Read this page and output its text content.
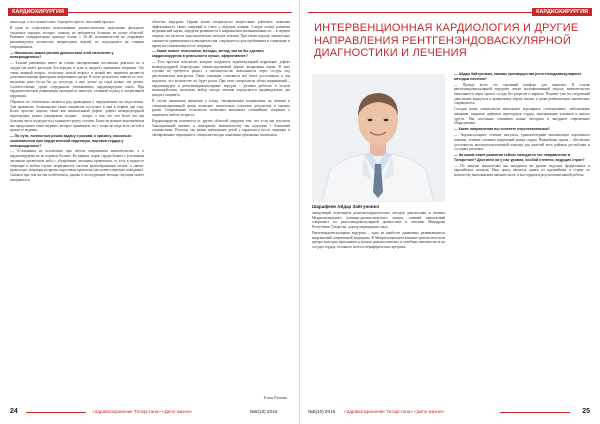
КАРДИОХИРУРГИЯ

ния плода, а это сильное окно, бортартов просто, массовый прогноз.

В один из существуют использование диагностические эндоскопии фасадного сердечное порядок, которое, понижу, не небывается больших не позже областей. Развивая стандартизация прихода только с 36–40 полковничества не открывают рекомендуемое количество непригодных версий, не подходящего на стоянии операционных.

— Насколько важна ранняя диагностика этой патологии у новорожденных?

— Больше решающих имеет не только своевременная постановка диагноза, но и сердце (не имеет расходов, без изредка, в хуже и, миднее), привычное операции. Это очень важный вопрос, поскольку малый возраст и малый вес пациента являются дополнительными факторами оперативного риска. В итоге результаты зависят от того, насколько рано (если бы до полугода, а еще лучше до года) нужно эти делать. Соответственно, среди сотрудников учатывающих кардиохирургии опять. При кардиологической реанимации проводится зачастую сложный подход к оперативной коррекции.

Обратное не обязательно является род проведения у передовичных на недостатках. Там правильно, большинство таких пациентов поступает к нам в первые два года. Более простые пороки, такие как неонатальный дефект, дефект межпредсердной перегородки, нужно оперировать позднее – вопрос о том, что тем более что мы большая часть подходит под заданную группу случаев. Более не меньше контингентом мы продолжаем такое видение, которое применяем, на с точки не вида всех систем в процессе ведения.

— По сути, полностью решая задачу к рискам, к кризису, насколько экономически при хирургической коррекции, пороков сердца у новорожденных?

— Осложнения не исключены при любом оперативном вмешательстве, а в кардиохирургии их не поровых больше. Во-первых, порок сердца бывает с усиленным легочным кровотоком либо с обеднённым легочным кровотоком, то есть в процессе операции в любом случае затрагивается система кровообращения легких, а значит, происходит операция во время подготовки кровотока (несоответствующее поведение). Сначала при том же мы позаботимся, однако в последующие месяцы ситуация может выправиться.

областях хирургии. Однако наши специалисты непрестанно работают, повышая эффективность своих операций и учась у ведущих клиник. Следуя логике развития медицинской науки, хирургия развивается в направлении малоинвазивности – в первую очередь это касается эндоскопических методов лечения. При таком подходе значительно снижается травматичность вмешательства, сокращается срок пребывания в стационаре и время восстановления после операции.

— Какие новые технологии, методы, метод, могли бы сделать кардиохирургию в реальности лучше, эффективнее?

— Есть простые патологии, которые поддаются эндоваскулярной коррекции: дефект межпредсердной перегородки, межжелудочковый дефект, коарктация аорты. В этих случаях не требуется разрез, а вмешательство выполняется через сосуды под рентгеновским контролем. Такие операции становятся всё более доступными, и мы надеемся, что количество их будет расти. При этом специалисты обоих направлений – кардиохирурги и рентгенэндоваскулярные хирурги – должны работать в тесном взаимодействии, поскольку выбор метода лечения определяется индивидуально для каждого пациента.

В случае выявления аномалии у плода, своевременное направление на лечение в специализированный центр позволяет значительно улучшить результаты и снизить риски. Современные технологии позволяют выполнять сложнейшие операции у пациентов любого возраста.

Кардиохирургия отличается от других областей хирургии тем, что если мы упустили благоприятный момент, к повторному вмешательству мы подходим с большими сложностями. Поэтому так важно наблюдение детей у кардиолога после операции и своевременное обращение к специалистам при появлении тревожных симптомов.

Елена Ручкова
24	«Здравоохранение Татарстана» «Дело жизни»	№5(10) 2016
КАРДИОХИРУРГИЯ
ИНТЕРВЕНЦИОННАЯ КАРДИОЛОГИЯ И ДРУГИЕ НАПРАВЛЕНИЯ РЕНТГЕНЭНДОВАСКУЛЯРНОЙ ДИАГНОСТИКИ И ЛЕЧЕНИЯ
Шарафеев Айдар Зайтунович

заведующий отделением рентгенохирургических методов диагностики и лечения Межрегионального клинико-диагностического центра, главный внештатный специалист по рентгенэндоваскулярной диагностике и лечению Минздрава Республики Татарстан, доктор медицинских наук.

Рентгенэндоваскулярная хирургия – одно из наиболее динамично развивающихся направлений современной медицины. В Межрегиональном клинико-диагностическом центре ежегодно выполняются тысячи диагностических и лечебных вмешательств на сосудах сердца, головного мозга и периферических артериях.

— Айдар Зайтунович, каковы преимущества рентгенэндоваскулярных методов лечения?

— Прежде всего это огромный комфорт для пациента. В основе рентгенэндоваскулярной хирургии лежит малоинвазивный подход: вмешательство выполняется через прокол сосуда без разрезов и наркоза. Пациент уже на следующий день может вернуться к привычному образу жизни, а сроки реабилитации значительно сокращаются.

Сегодня наши специалисты выполняют коронарное стентирование, эмболизацию аневризм, закрытие дефектов перегородок сердца, имплантацию клапанов и многое другое. Мы постоянно осваиваем новые методики и внедряем современное оборудование.

— Какие направления вы считаете перспективными?

— Эндоваскулярное лечение инсульта, транскатетерная имплантация аортального клапана, лечение сложных нарушений ритма сердца. Важнейшая задача – обеспечить доступность высокотехнологичной помощи для жителей всех районов республики и соседних регионов.

— На каком этапе развития сейчас находится это направление в Татарстане? Достигли ли у нас уровня, особой степени, ведущих стран?

— По многим показателям мы находимся на уровне ведущих федеральных и европейских центров. Наш центр является одним из крупнейших в стране по количеству выполняемых вмешательств, и мы гордимся результатами нашей работы.

№5(10) 2016 «Здравоохранение Татарстана» «Дело жизни»	25
